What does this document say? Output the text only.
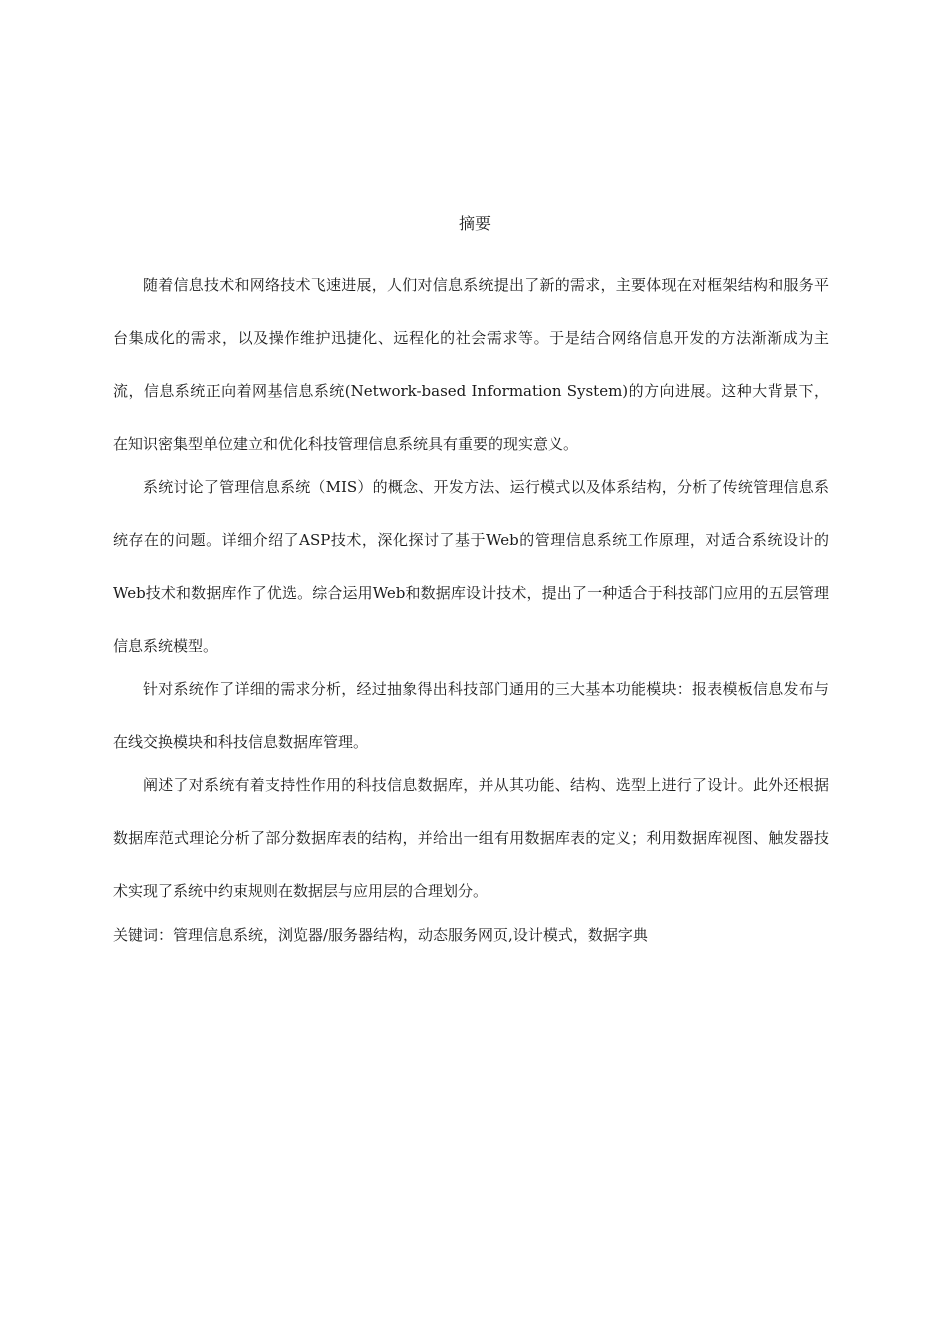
摘要

随着信息技术和网络技术飞速进展，人们对信息系统提出了新的需求，主要体现在对框架结构和服务平台集成化的需求，以及操作维护迅捷化、远程化的社会需求等。于是结合网络信息开发的方法渐渐成为主流，信息系统正向着网基信息系统(Network-based Information System)的方向进展。这种大背景下，在知识密集型单位建立和优化科技管理信息系统具有重要的现实意义。

系统讨论了管理信息系统（MIS）的概念、开发方法、运行模式以及体系结构，分析了传统管理信息系统存在的问题。详细介绍了ASP技术，深化探讨了基于Web的管理信息系统工作原理，对适合系统设计的Web技术和数据库作了优选。综合运用Web和数据库设计技术，提出了一种适合于科技部门应用的五层管理信息系统模型。

针对系统作了详细的需求分析，经过抽象得出科技部门通用的三大基本功能模块：报表模板信息发布与在线交换模块和科技信息数据库管理。

阐述了对系统有着支持性作用的科技信息数据库，并从其功能、结构、选型上进行了设计。此外还根据数据库范式理论分析了部分数据库表的结构，并给出一组有用数据库表的定义；利用数据库视图、触发器技术实现了系统中约束规则在数据层与应用层的合理划分。

关键词：管理信息系统，浏览器/服务器结构，动态服务网页,设计模式，数据字典
